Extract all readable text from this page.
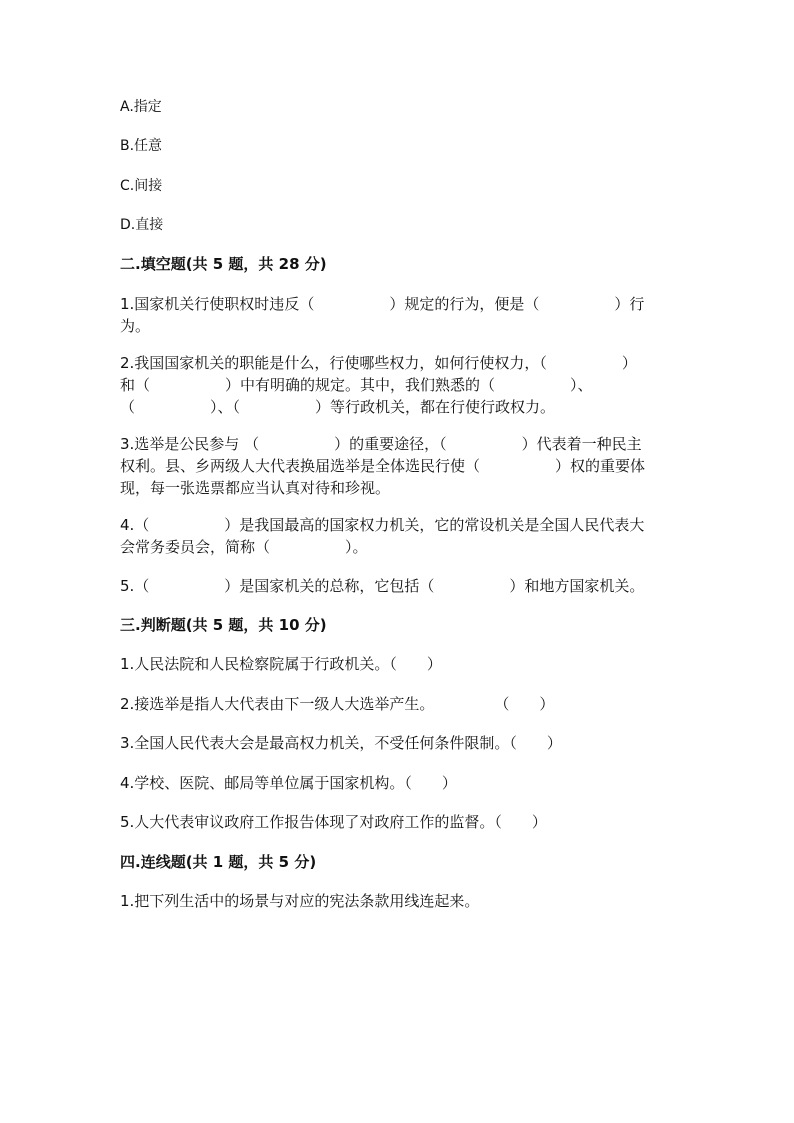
A.指定
B.任意
C.间接
D.直接
二.填空题(共 5 题，共 28 分)
1.国家机关行使职权时违反（　　　　　）规定的行为，便是（　　　　　）行
为。
2.我国国家机关的职能是什么，行使哪些权力，如何行使权力，（　　　　　）
和（　　　　　）中有明确的规定。其中，我们熟悉的（　　　　　）、
（　　　　　）、（　　　　　）等行政机关，都在行使行政权力。
3.选举是公民参与 （　　　　　）的重要途径，（　　　　　）代表着一种民主
权利。县、乡两级人大代表换届选举是全体选民行使（　　　　　）权的重要体
现，每一张选票都应当认真对待和珍视。
4.（　　　　　）是我国最高的国家权力机关，它的常设机关是全国人民代表大
会常务委员会，简称（　　　　　）。
5.（　　　　　）是国家机关的总称，它包括（　　　　　）和地方国家机关。
三.判断题(共 5 题，共 10 分)
1.人民法院和人民检察院属于行政机关。（　　）
2.接选举是指人大代表由下一级人大选举产生。　　　　　（　　）
3.全国人民代表大会是最高权力机关，不受任何条件限制。（　　）
4.学校、医院、邮局等单位属于国家机构。（　　）
5.人大代表审议政府工作报告体现了对政府工作的监督。（　　）
四.连线题(共 1 题，共 5 分)
1.把下列生活中的场景与对应的宪法条款用线连起来。
